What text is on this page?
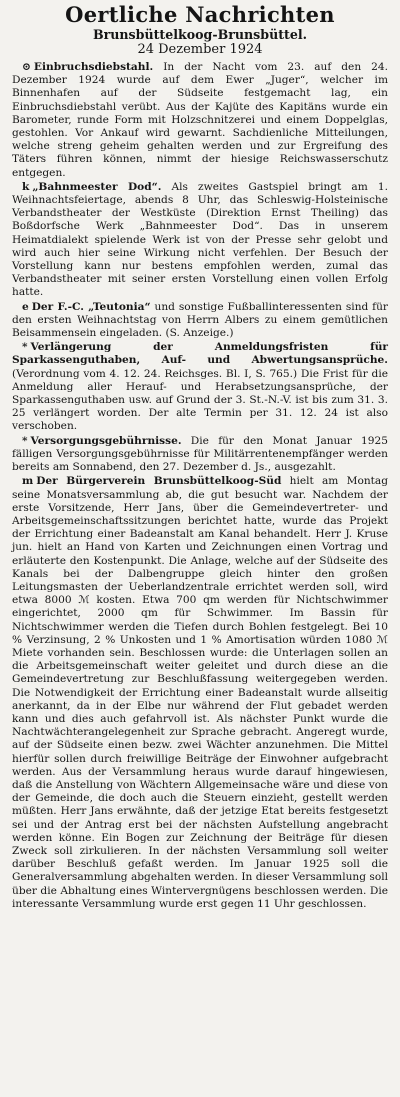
Oertliche Nachrichten
Brunsbüttelkoog-Brunsbüttel.
24 Dezember 1924

⊙ Einbruchsdiebstahl. In der Nacht vom 23. auf den 24. Dezember 1924 wurde auf dem Ewer „Juger“, welcher im Binnenhafen auf der Südseite festgemacht lag, ein Einbruchsdiebstahl verübt. Aus der Kajüte des Kapitäns wurde ein Barometer, runde Form mit Holzschnitzerei und einem Doppelglas, gestohlen. Vor Ankauf wird gewarnt. Sachdienliche Mitteilungen, welche streng geheim gehalten werden und zur Ergreifung des Täters führen können, nimmt der hiesige Reichswasserschutz entgegen.

k „Bahnmeester Dod“. Als zweites Gastspiel bringt am 1. Weihnachtsfeiertage, abends 8 Uhr, das Schleswig-Holsteinische Verbandstheater der Westküste (Direktion Ernst Theiling) das Boßdorfsche Werk „Bahnmeester Dod“. Das in unserem Heimatdialekt spielende Werk ist von der Presse sehr gelobt und wird auch hier seine Wirkung nicht verfehlen. Der Besuch der Vorstellung kann nur bestens empfohlen werden, zumal das Verbandstheater mit seiner ersten Vorstellung einen vollen Erfolg hatte.

e Der F.-C. „Teutonia“ und sonstige Fußballinteressenten sind für den ersten Weihnachtstag von Herrn Albers zu einem gemütlichen Beisammensein eingeladen. (S. Anzeige.)

* Verlängerung der Anmeldungsfristen für Sparkassenguthaben, Auf- und Abwertungsansprüche. (Verordnung vom 4. 12. 24. Reichsges. Bl. I, S. 765.) Die Frist für die Anmeldung aller Herauf- und Herabsetzungsansprüche, der Sparkassenguthaben usw. auf Grund der 3. St.-N.-V. ist bis zum 31. 3. 25 verlängert worden. Der alte Termin per 31. 12. 24 ist also verschoben.

* Versorgungsgebührnisse. Die für den Monat Januar 1925 fälligen Versorgungsgebührnisse für Militärrentenempfänger werden bereits am Sonnabend, den 27. Dezember d. Js., ausgezahlt.

m Der Bürgerverein Brunsbüttelkoog-Süd hielt am Montag seine Monatsversammlung ab, die gut besucht war. Nachdem der erste Vorsitzende, Herr Jans, über die Gemeindevertreter- und Arbeitsgemeinschaftssitzungen berichtet hatte, wurde das Projekt der Errichtung einer Badeanstalt am Kanal behandelt. Herr J. Kruse jun. hielt an Hand von Karten und Zeichnungen einen Vortrag und erläuterte den Kostenpunkt. Die Anlage, welche auf der Südseite des Kanals bei der Dalbengruppe gleich hinter den großen Leitungsmasten der Ueberlandzentrale errichtet werden soll, wird etwa 8000 ℳ kosten. Etwa 700 qm werden für Nichtschwimmer eingerichtet, 2000 qm für Schwimmer. Im Bassin für Nichtschwimmer werden die Tiefen durch Bohlen festgelegt. Bei 10 % Verzinsung, 2 % Unkosten und 1 % Amortisation würden 1080 ℳ Miete vorhanden sein. Beschlossen wurde: die Unterlagen sollen an die Arbeitsgemeinschaft weiter geleitet und durch diese an die Gemeindevertretung zur Beschlußfassung weitergegeben werden. Die Notwendigkeit der Errichtung einer Badeanstalt wurde allseitig anerkannt, da in der Elbe nur während der Flut gebadet werden kann und dies auch gefahrvoll ist. Als nächster Punkt wurde die Nachtwächterangelegenheit zur Sprache gebracht. Angeregt wurde, auf der Südseite einen bezw. zwei Wächter anzunehmen. Die Mittel hierfür sollen durch freiwillige Beiträge der Einwohner aufgebracht werden. Aus der Versammlung heraus wurde darauf hingewiesen, daß die Anstellung von Wächtern Allgemeinsache wäre und diese von der Gemeinde, die doch auch die Steuern einzieht, gestellt werden müßten. Herr Jans erwähnte, daß der jetzige Etat bereits festgesetzt sei und der Antrag erst bei der nächsten Aufstellung angebracht werden könne. Ein Bogen zur Zeichnung der Beiträge für diesen Zweck soll zirkulieren. In der nächsten Versammlung soll weiter darüber Beschluß gefaßt werden. Im Januar 1925 soll die Generalversammlung abgehalten werden. In dieser Versammlung soll über die Abhaltung eines Wintervergnügens beschlossen werden. Die interessante Versammlung wurde erst gegen 11 Uhr geschlossen.
